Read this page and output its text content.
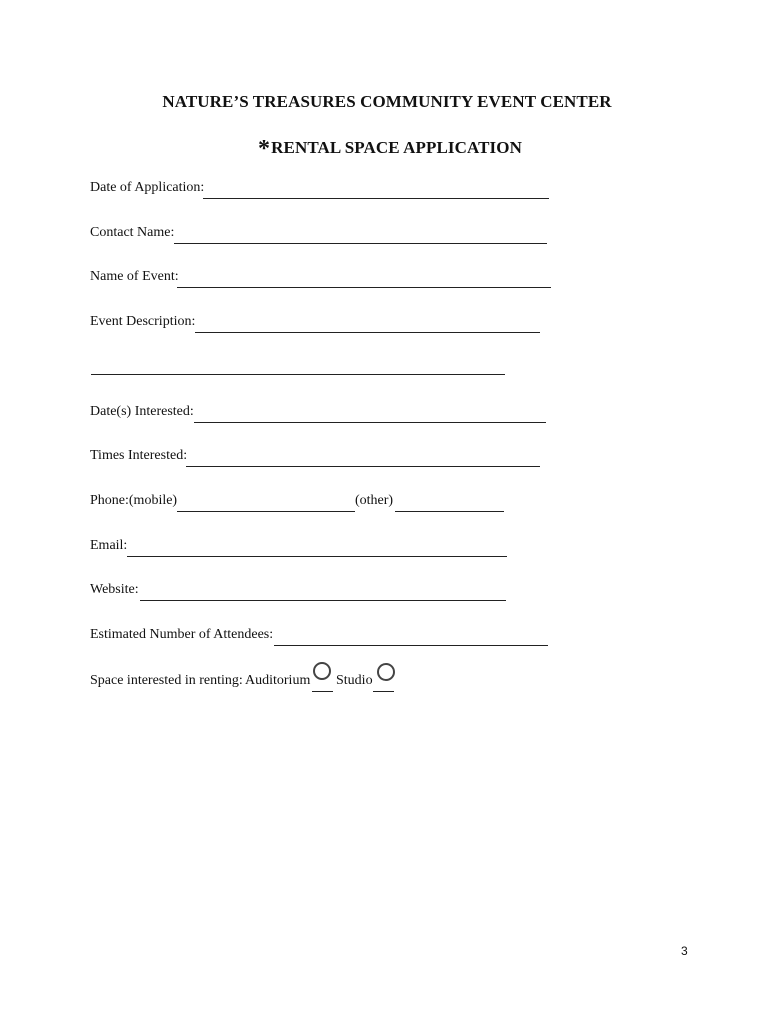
NATURE’S TREASURES COMMUNITY EVENT CENTER
*RENTAL SPACE APPLICATION
Date of Application:
Contact Name:
Name of Event:
Event Description:
Date(s) Interested:
Times Interested:
Phone:(mobile)	(other)
Email:
Website:
Estimated Number of Attendees:
Space interested in renting: Auditorium Studio
3
